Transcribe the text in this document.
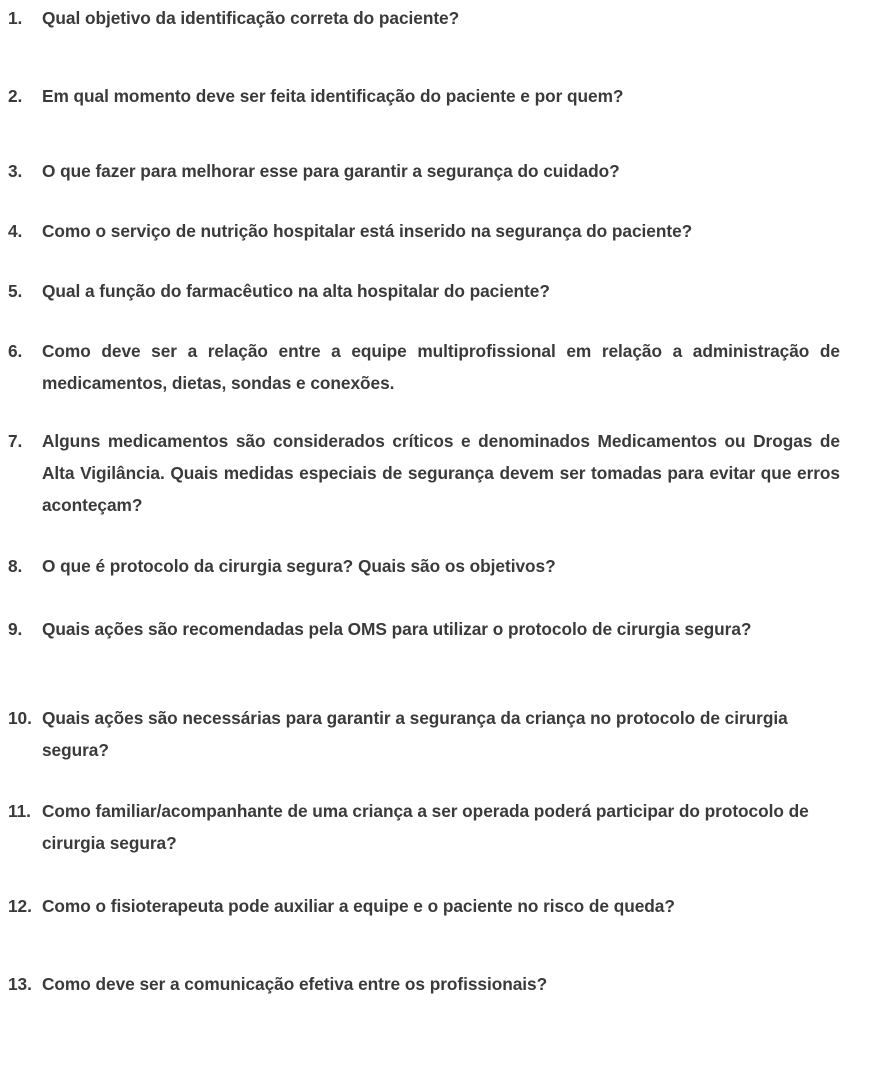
1.	Qual objetivo da identificação correta do paciente?
2.	Em qual momento deve ser feita identificação do paciente e por quem?
3.	O que fazer para melhorar esse para garantir a segurança do cuidado?
4.	Como o serviço de nutrição hospitalar está inserido na segurança do paciente?
5.	Qual a função do farmacêutico na alta hospitalar do paciente?
6.	Como deve ser a relação entre a equipe multiprofissional em relação a administração de medicamentos, dietas, sondas e conexões.
7.	Alguns medicamentos são considerados críticos e denominados Medicamentos ou Drogas de Alta Vigilância. Quais medidas especiais de segurança devem ser tomadas para evitar que erros aconteçam?
8.	O que é protocolo da cirurgia segura? Quais são os objetivos?
9.	Quais ações são recomendadas pela OMS para utilizar o protocolo de cirurgia segura?
10. Quais ações são necessárias para garantir a segurança da criança no protocolo de cirurgia segura?
11. Como familiar/acompanhante de uma criança a ser operada poderá participar do protocolo de cirurgia segura?
12. Como o fisioterapeuta pode auxiliar a equipe e o paciente no risco de queda?
13. Como deve ser a comunicação efetiva entre os profissionais?
